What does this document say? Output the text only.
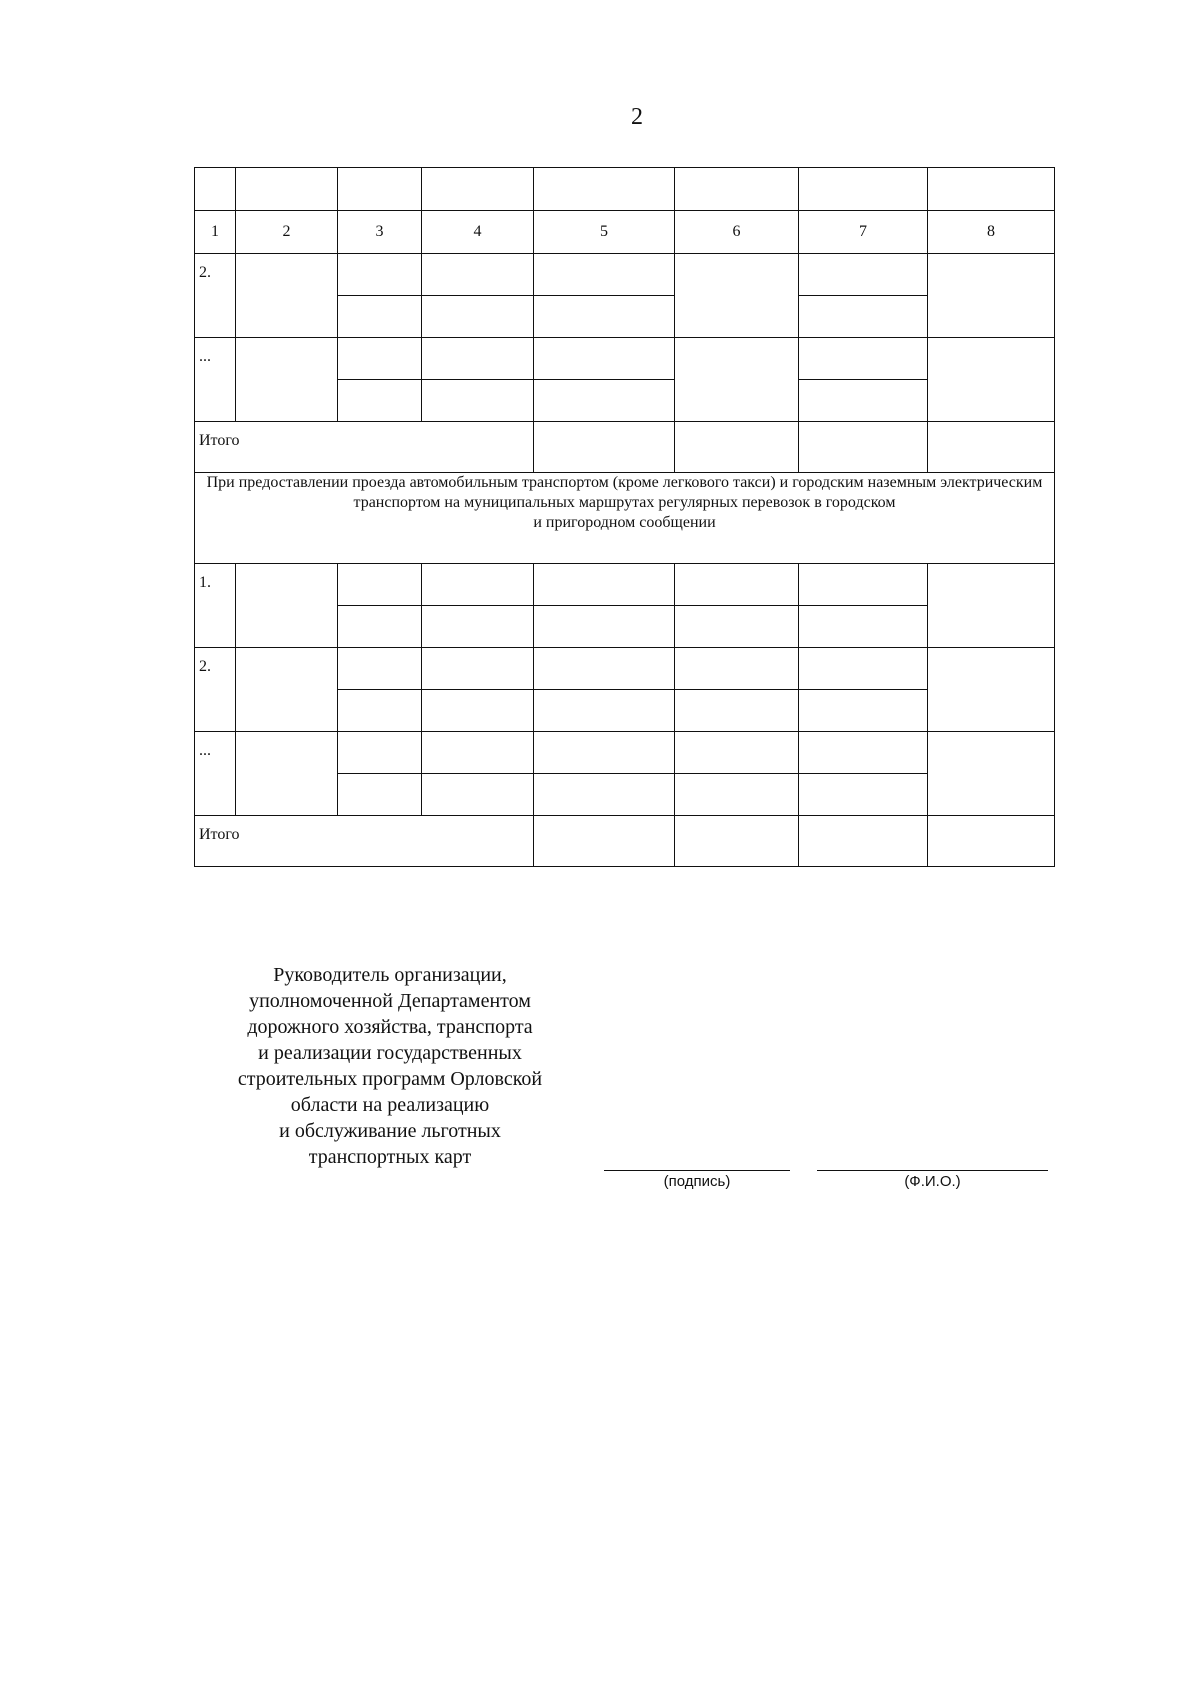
2

1	2	3	4	5	6	7	8
2.							

...							

Итого							
При предоставлении проезда автомобильным транспортом (кроме легкового такси) и городским наземным электрическим транспортом на муниципальных маршрутах регулярных перевозок в городском
и пригородном сообщении							
1.							

2.							

...							

Итого							
Руководитель организации,
уполномоченной Департаментом
дорожного хозяйства, транспорта
и реализации государственных
строительных программ Орловской
области на реализацию
и обслуживание льготных
транспортных карт
(подпись)	(Ф.И.О.)
